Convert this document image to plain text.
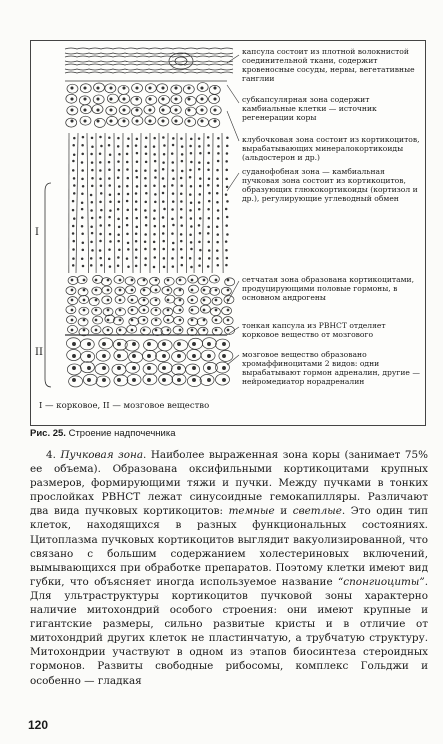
I
II
капсула состоит из плотной волокнистой соединительной ткани, содержит кровеносные сосуды, нервы, вегетативные ганглии
субкапсулярная зона содержит камбиальные клетки — источник регенерации коры
клубочковая зона состоит из кортикоцитов, вырабатывающих минералокортикоиды (альдостерон и др.)
суданофобная зона — камбиальная пучковая зона состоит из кортикоцитов, образующих глюкокортикоиды (кортизол и др.), регулирующие углеводный обмен
сетчатая зона образована кортикоцитами, продуцирующими половые гормоны, в основном андрогены
тонкая капсула из РВНСТ отделяет корковое вещество от мозгового
мозговое вещество образовано хромаффиноцитами 2 видов: одни вырабатывают гормон адреналин, другие — нейромедиатор норадреналин
I — корковое, II — мозговое вещество
Рис. 25. Строение надпочечника

4. Пучковая зона. Наиболее выраженная зона коры (занимает 75% ее объема). Образована оксифильными кортикоцитами крупных размеров, формирующими тяжи и пучки. Между пучками в тонких прослойках РВНСТ лежат синусоидные гемокапилляры. Различают два вида пучковых кортикоцитов: темные и светлые. Это один тип клеток, находящихся в разных функциональных состояниях. Цитоплазма пучковых кортикоцитов выглядит вакуолизированной, что связано с большим содержанием холестериновых включений, вымывающихся при обработке препаратов. Поэтому клетки имеют вид губки, что объясняет иногда используемое название “спонгиоциты”. Для ультраструктуры кортикоцитов пучковой зоны характерно наличие митохондрий особого строения: они имеют крупные и гигантские размеры, сильно развитые кристы и в отличие от митохондрий других клеток не пластинчатую, а трубчатую структуру. Митохондрии участвуют в одном из этапов биосинтеза стероидных гормонов. Развиты свободные рибосомы, комплекс Гольджи и особенно — гладкая

120
